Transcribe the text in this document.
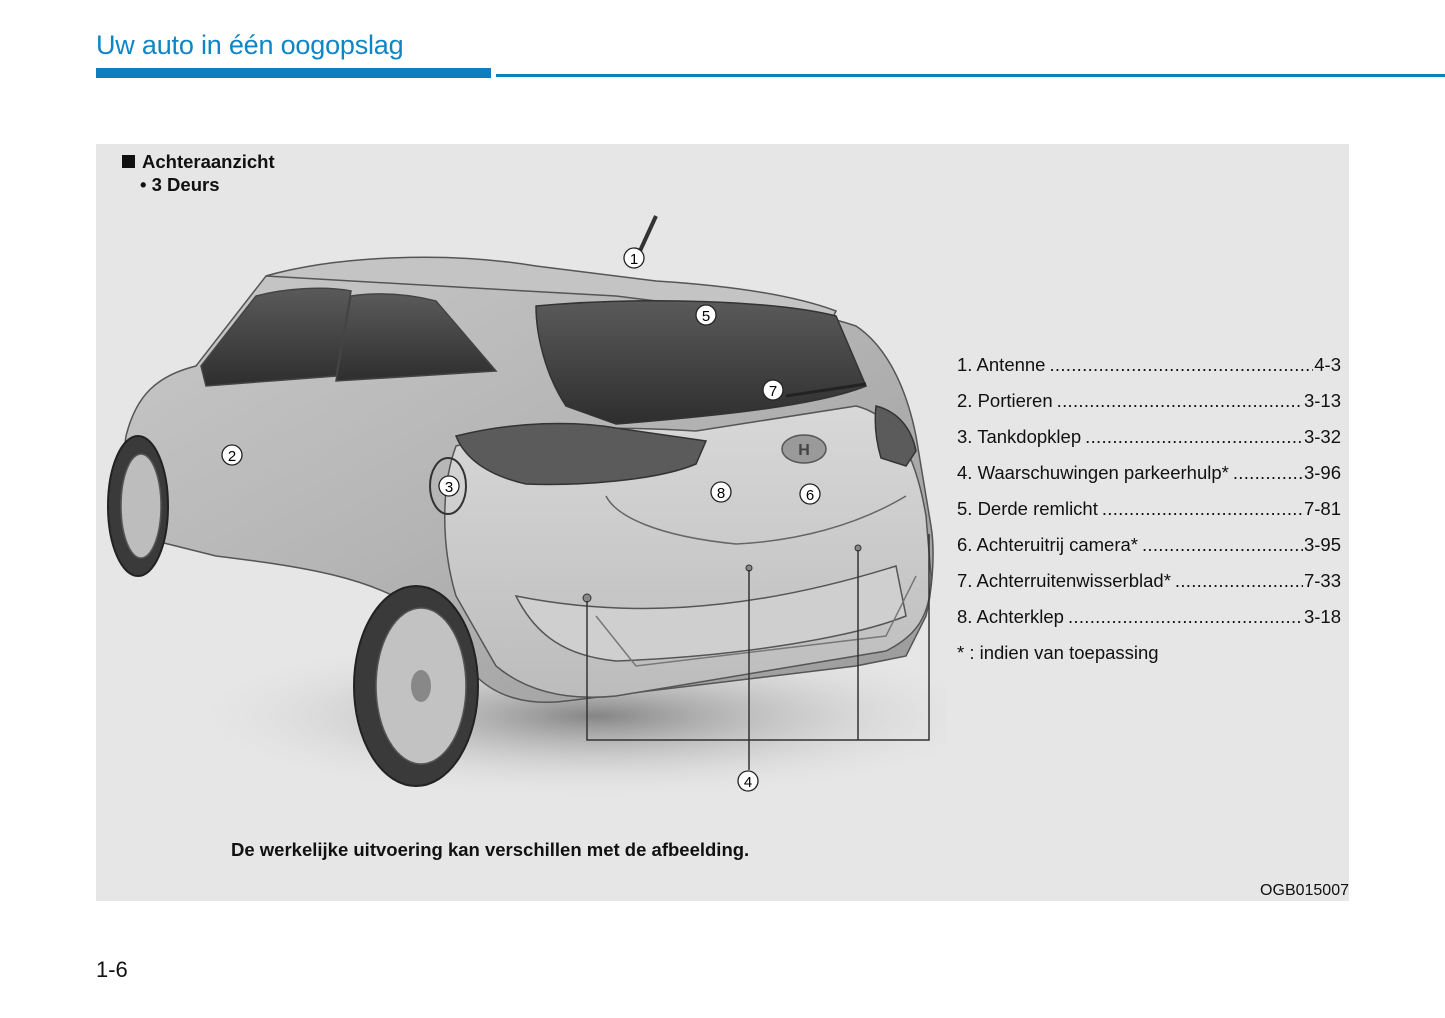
Uw auto in één oogopslag
Achteraanzicht
• 3 Deurs
H
1
2
3
4
5
6
7
8
1. Antenne .....	4-3
2. Portieren .....	3-13
3. Tankdopklep .....	3-32
4. Waarschuwingen parkeerhulp* .....	3-96
5. Derde remlicht .....	7-81
6. Achteruitrij camera* .....	3-95
7. Achterruitenwisserblad* .....	7-33
8. Achterklep .....	3-18
* : indien van toepassing
De werkelijke uitvoering kan verschillen met de afbeelding.
OGB015007
1-6
